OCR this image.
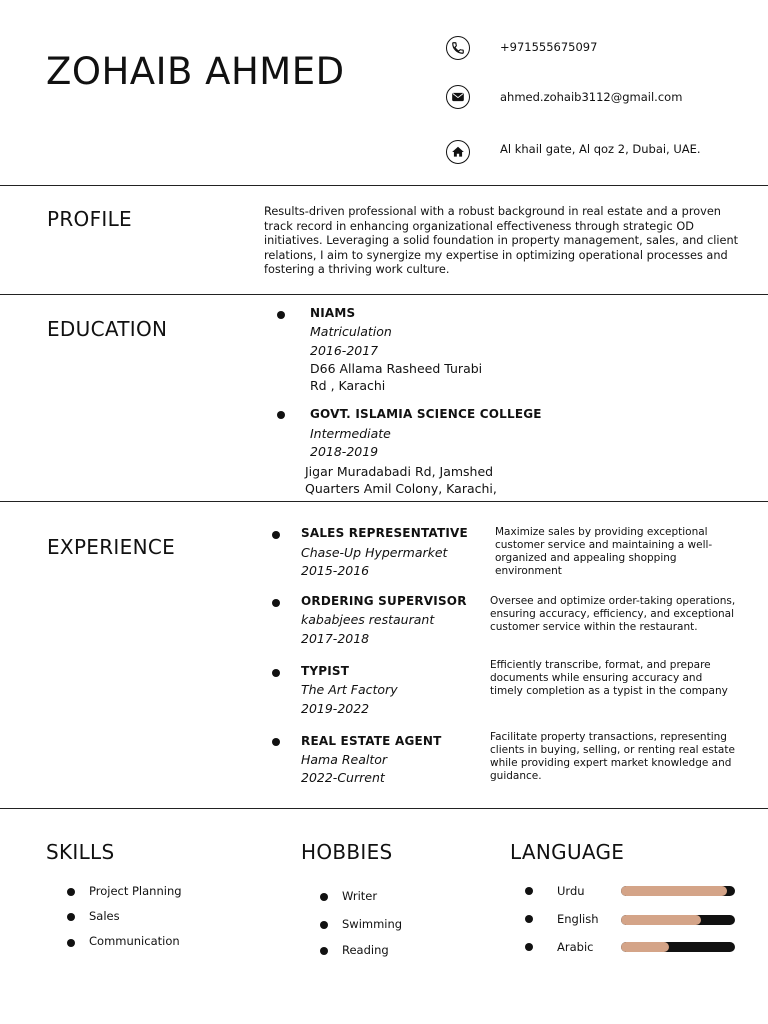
ZOHAIB AHMED
+971555675097
ahmed.zohaib3112@gmail.com
Al khail gate, Al qoz 2, Dubai, UAE.
PROFILE	Results-driven professional with a robust background in real estate and a proven track record in enhancing organizational effectiveness through strategic OD initiatives. Leveraging a solid foundation in property management, sales, and client relations, I aim to synergize my expertise in optimizing operational processes and fostering a thriving work culture.
EDUCATION
NIAMS
Matriculation
2016-2017
D66 Allama Rasheed Turabi Rd , Karachi
GOVT. ISLAMIA SCIENCE COLLEGE
Intermediate
2018-2019
Jigar Muradabadi Rd, Jamshed Quarters Amil Colony, Karachi,
EXPERIENCE
SALES REPRESENTATIVE
Chase-Up Hypermarket
2015-2016
Maximize sales by providing exceptional customer service and maintaining a well-organized and appealing shopping environment
ORDERING SUPERVISOR
kababjees restaurant
2017-2018
Oversee and optimize order-taking operations, ensuring accuracy, efficiency, and exceptional customer service within the restaurant.
TYPIST
The Art Factory
2019-2022
Efficiently transcribe, format, and prepare documents while ensuring accuracy and timely completion as a typist in the company
REAL ESTATE AGENT
Hama Realtor
2022-Current
Facilitate property transactions, representing clients in buying, selling, or renting real estate while providing expert market knowledge and guidance.
SKILLS
Project Planning
Sales
Communication
HOBBIES
Writer
Swimming
Reading
LANGUAGE
Urdu
English
Arabic
